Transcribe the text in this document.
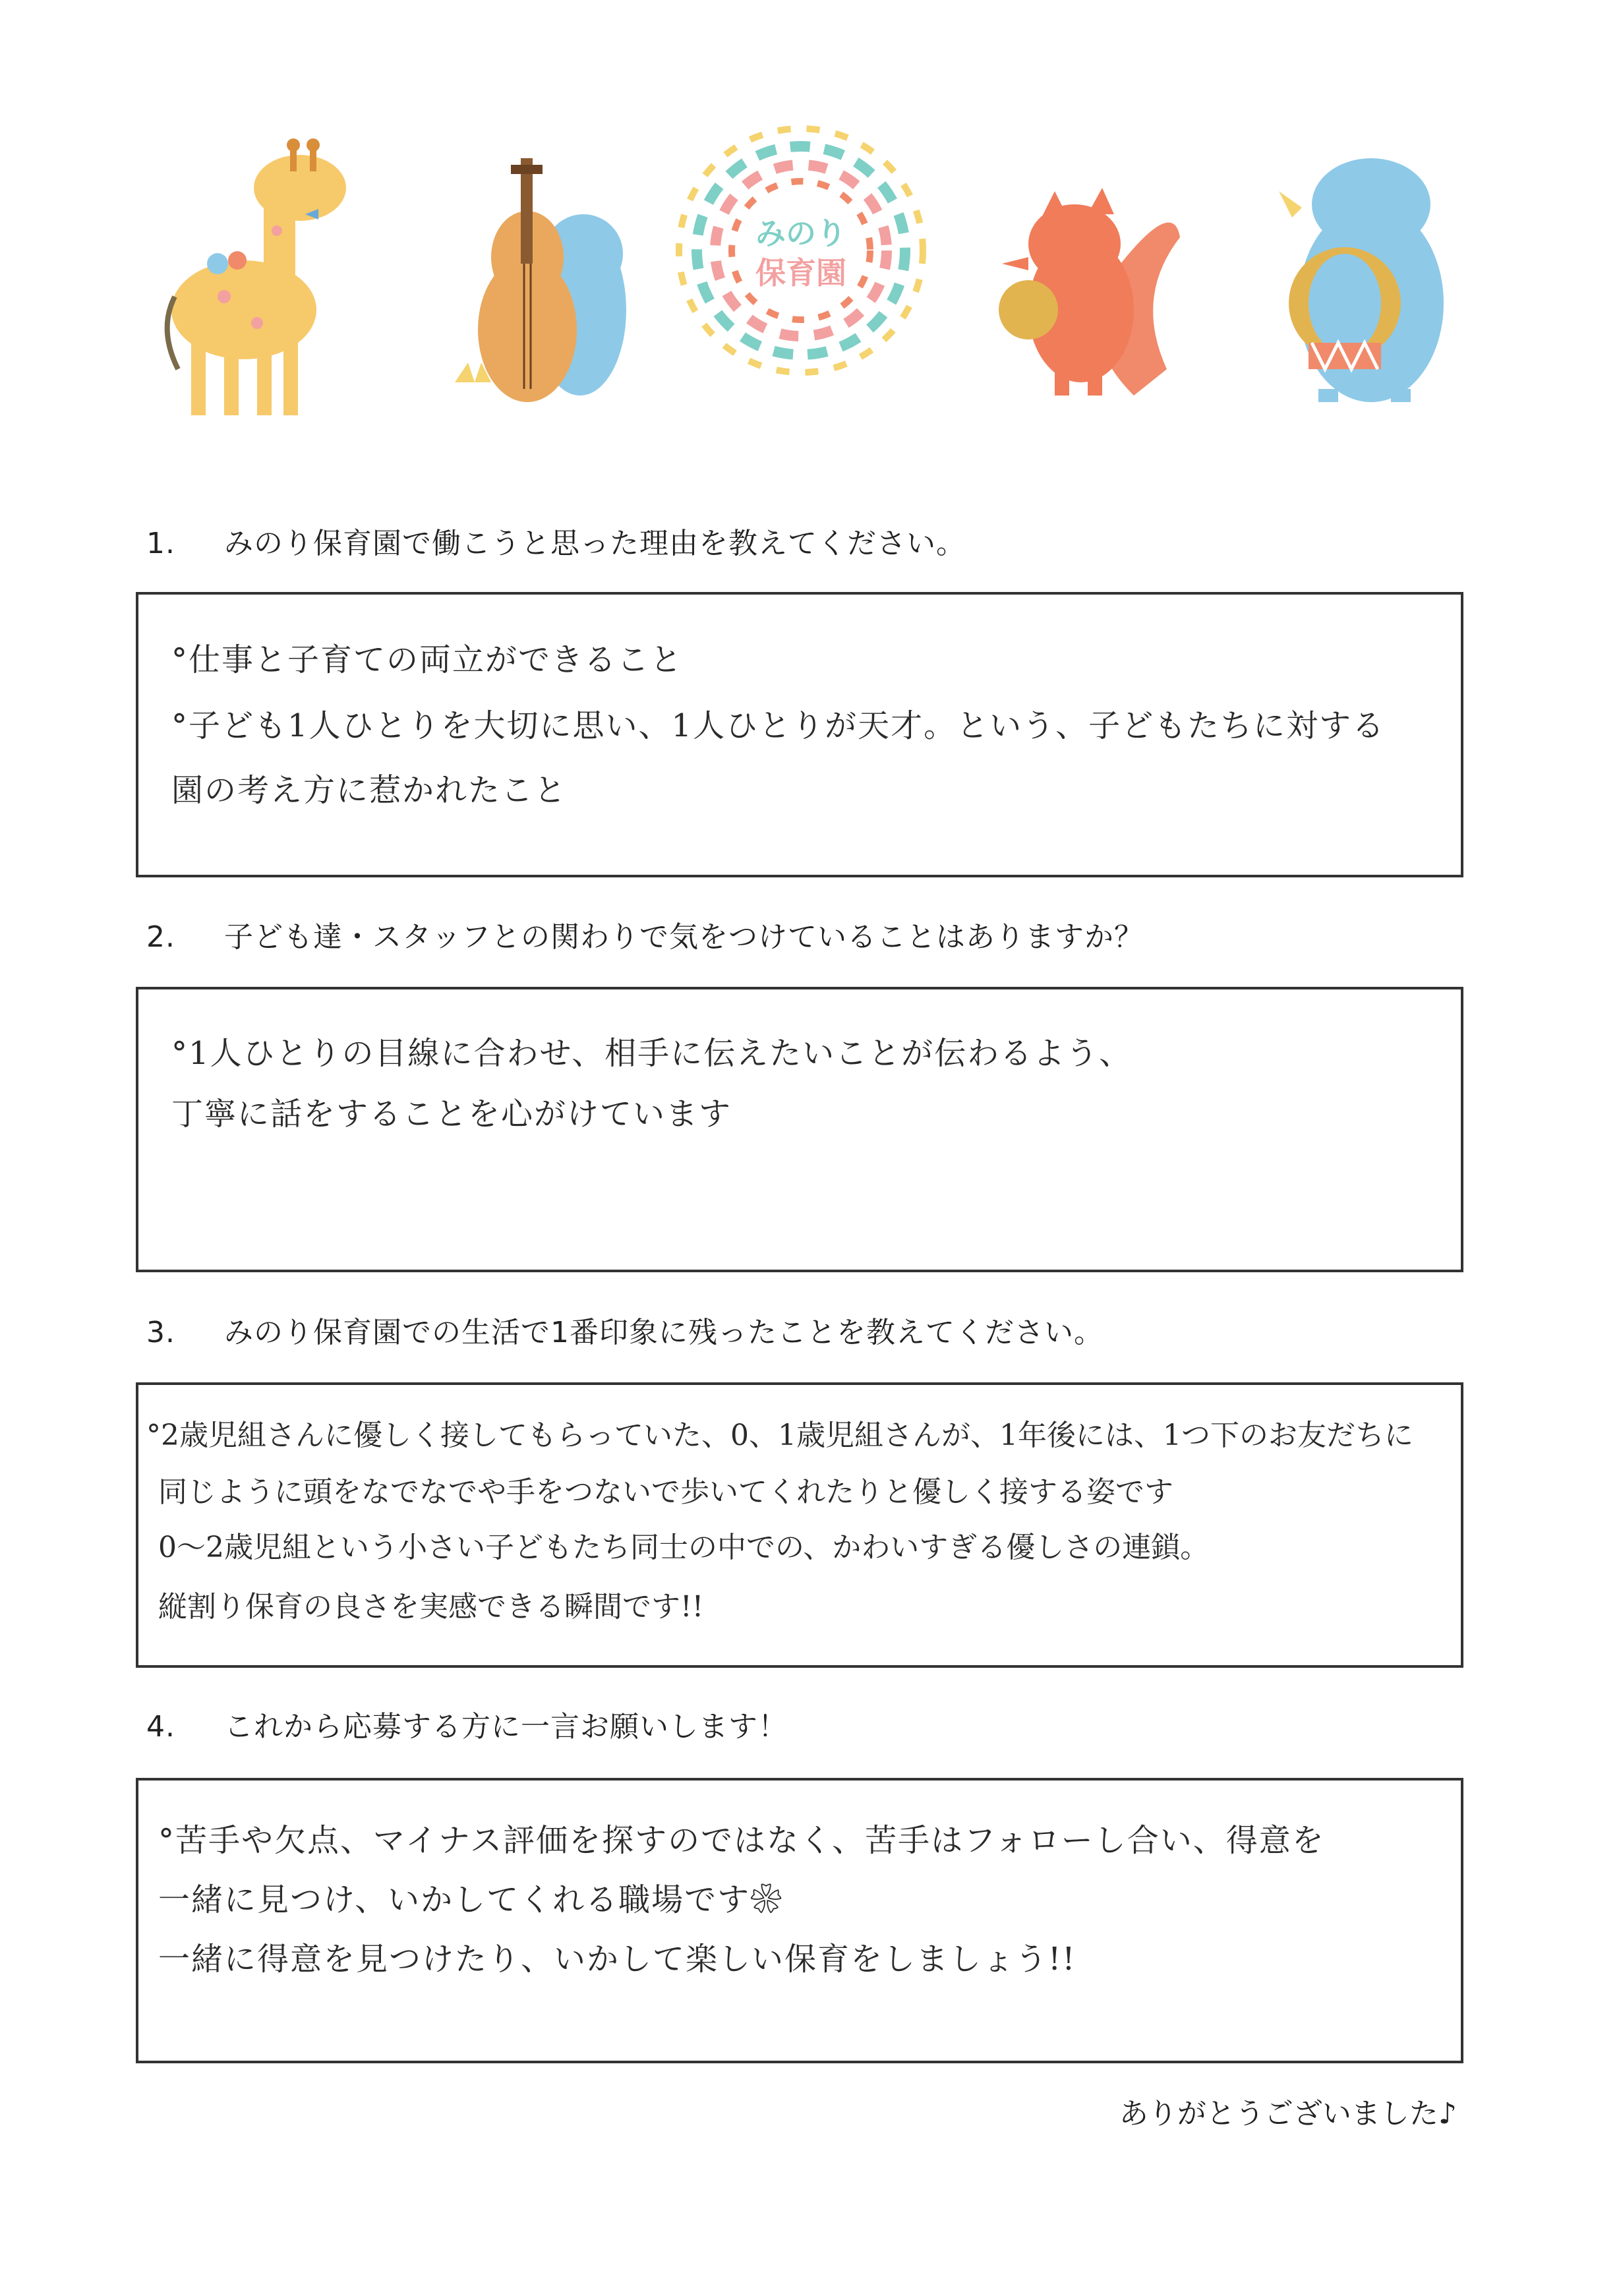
みのり
保育園
1. みのり保育園で働こうと思った理由を教えてください。
°仕事と子育ての両立ができること
°子ども1人ひとりを大切に思い、1人ひとりが天才。という、子どもたちに対する
園の考え方に惹かれたこと
2. 子ども達・スタッフとの関わりで気をつけていることはありますか？
°1人ひとりの目線に合わせ、相手に伝えたいことが伝わるよう、
丁寧に話をすることを心がけています
3. みのり保育園での生活で1番印象に残ったことを教えてください。
°2歳児組さんに優しく接してもらっていた、0、1歳児組さんが、1年後には、1つ下のお友だちに
同じように頭をなでなでや手をつないで歩いてくれたりと優しく接する姿です
0〜2歳児組という小さい子どもたち同士の中での、かわいすぎる優しさの連鎖。
縦割り保育の良さを実感できる瞬間です!!
4. これから応募する方に一言お願いします！
°苦手や欠点、マイナス評価を探すのではなく、苦手はフォローし合い、得意を
一緒に見つけ、いかしてくれる職場です❀
一緒に得意を見つけたり、いかして楽しい保育をしましょう!!
ありがとうございました♪
